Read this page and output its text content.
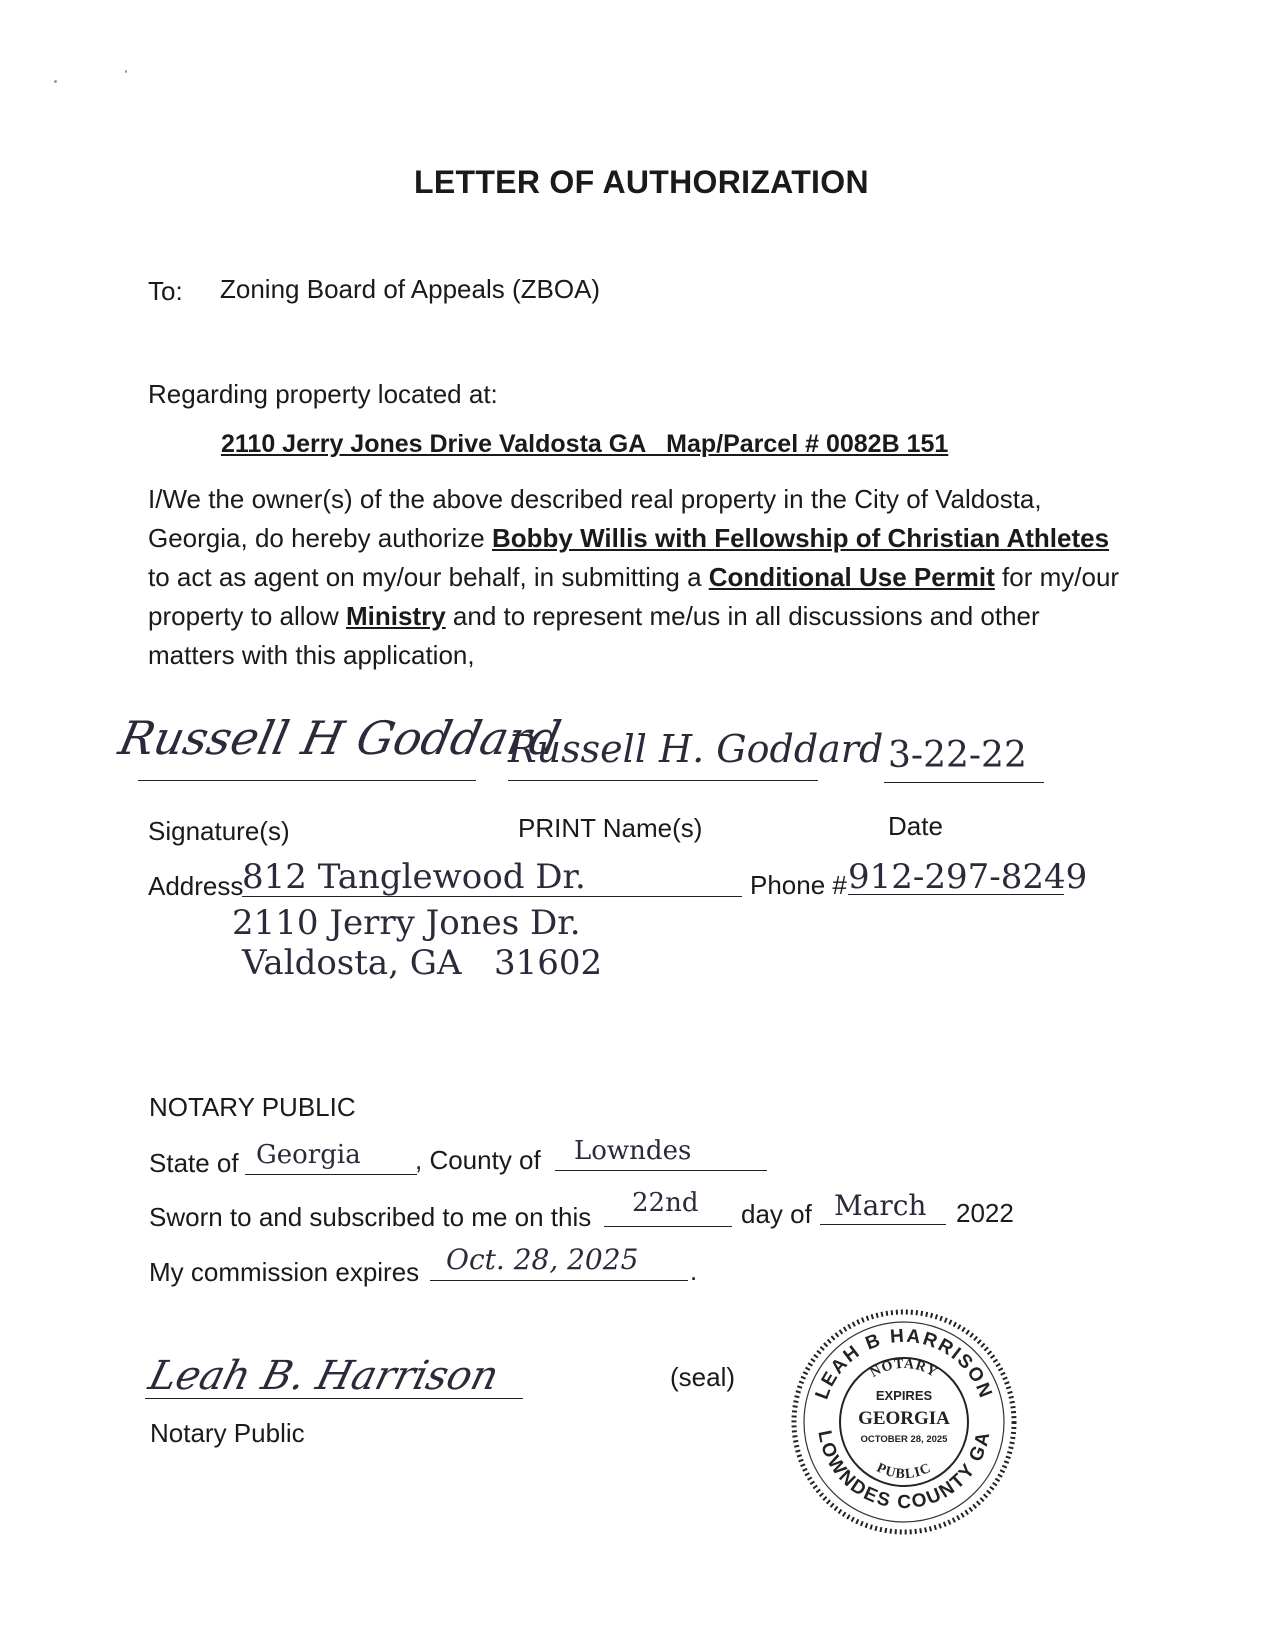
LETTER OF AUTHORIZATION
To: Zoning Board of Appeals (ZBOA)
Regarding property located at:
2110 Jerry Jones Drive Valdosta GA   Map/Parcel # 0082B 151
I/We the owner(s) of the above described real property in the City of Valdosta, Georgia, do hereby authorize Bobby Willis with Fellowship of Christian Athletes to act as agent on my/our behalf, in submitting a Conditional Use Permit for my/our property to allow Ministry and to represent me/us in all discussions and other matters with this application,
Russell H Goddard
Russell H. Goddard 3-22-22
Signature(s)	PRINT Name(s)	Date
Address
812 Tanglewood Dr.	Phone # 912-297-8249
2110 Jerry Jones Dr.
Valdosta, GA   31602
NOTARY PUBLIC
State of Georgia , County of Lowndes
Sworn to and subscribed to me on this 22nd day of March 2022
My commission expires Oct. 28, 2025 .
Leah B. Harrison	(seal)
Notary Public
LEAH B HARRISON
LOWNDES COUNTY GA
NOTARY
PUBLIC
EXPIRES
GEORGIA
OCTOBER 28, 2025
